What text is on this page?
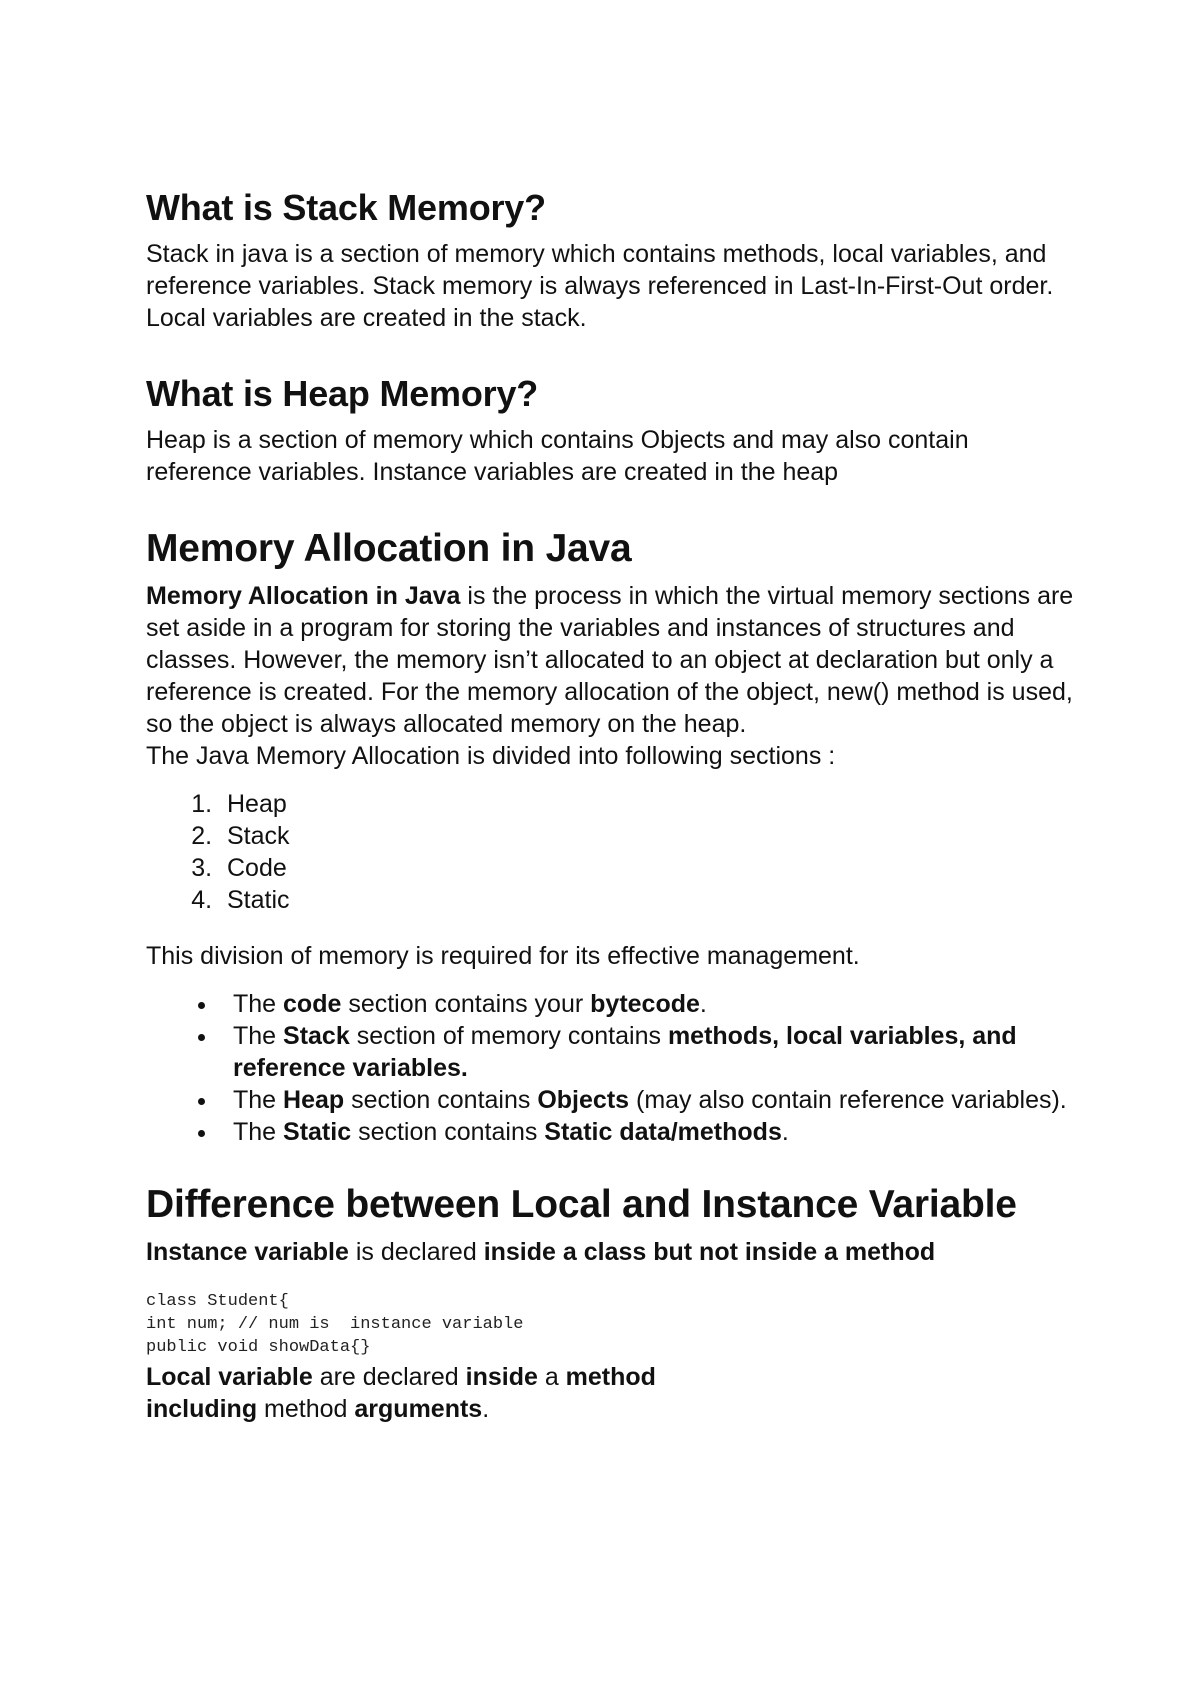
What is Stack Memory?

Stack in java is a section of memory which contains methods, local variables, and reference variables. Stack memory is always referenced in Last-In-First-Out order. Local variables are created in the stack.

What is Heap Memory?

Heap is a section of memory which contains Objects and may also contain reference variables. Instance variables are created in the heap

Memory Allocation in Java

Memory Allocation in Java is the process in which the virtual memory sections are set aside in a program for storing the variables and instances of structures and classes. However, the memory isn’t allocated to an object at declaration but only a reference is created. For the memory allocation of the object, new() method is used, so the object is always allocated memory on the heap.

The Java Memory Allocation is divided into following sections :

1. Heap
2. Stack
3. Code
4. Static

This division of memory is required for its effective management.

• The code section contains your bytecode.
• The Stack section of memory contains methods, local variables, and reference variables.
• The Heap section contains Objects (may also contain reference variables).
• The Static section contains Static data/methods.
Difference between Local and Instance Variable

Instance variable is declared inside a class but not inside a method

class Student{
int num; // num is  instance variable
public void showData{}

Local variable are declared inside a method
including method arguments.
